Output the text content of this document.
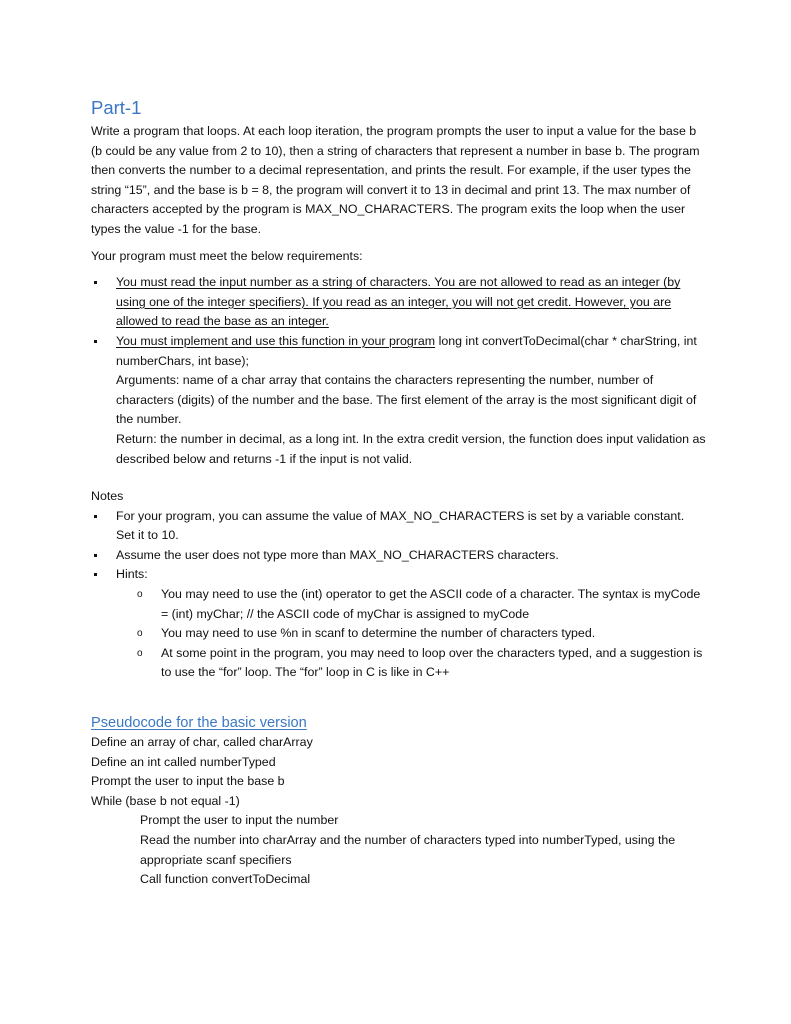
Part-1

Write a program that loops. At each loop iteration, the program prompts the user to input a value for the base b (b could be any value from 2 to 10), then a string of characters that represent a number in base b. The program then converts the number to a decimal representation, and prints the result. For example, if the user types the string “15”, and the base is b = 8, the program will convert it to 13 in decimal and print 13. The max number of characters accepted by the program is MAX_NO_CHARACTERS. The program exits the loop when the user types the value -1 for the base.

Your program must meet the below requirements:

You must read the input number as a string of characters. You are not allowed to read as an integer (by using one of the integer specifiers). If you read as an integer, you will not get credit. However, you are allowed to read the base as an integer.
You must implement and use this function in your program long int convertToDecimal(char * charString, int numberChars, int base);

Arguments: name of a char array that contains the characters representing the number, number of characters (digits) of the number and the base. The first element of the array is the most significant digit of the number.

Return: the number in decimal, as a long int. In the extra credit version, the function does input validation as described below and returns -1 if the input is not valid.

Notes

For your program, you can assume the value of MAX_NO_CHARACTERS is set by a variable constant. Set it to 10.
Assume the user does not type more than MAX_NO_CHARACTERS characters.
Hints:
o You may need to use the (int) operator to get the ASCII code of a character. The syntax is myCode = (int) myChar; // the ASCII code of myChar is assigned to myCode
o You may need to use %n in scanf to determine the number of characters typed.
o At some point in the program, you may need to loop over the characters typed, and a suggestion is to use the “for” loop. The “for” loop in C is like in C++
Pseudocode for the basic version

Define an array of char, called charArray

Define an int called numberTyped

Prompt the user to input the base b

While (base b not equal -1)

Prompt the user to input the number

Read the number into charArray and the number of characters typed into numberTyped, using the appropriate scanf specifiers

Call function convertToDecimal
